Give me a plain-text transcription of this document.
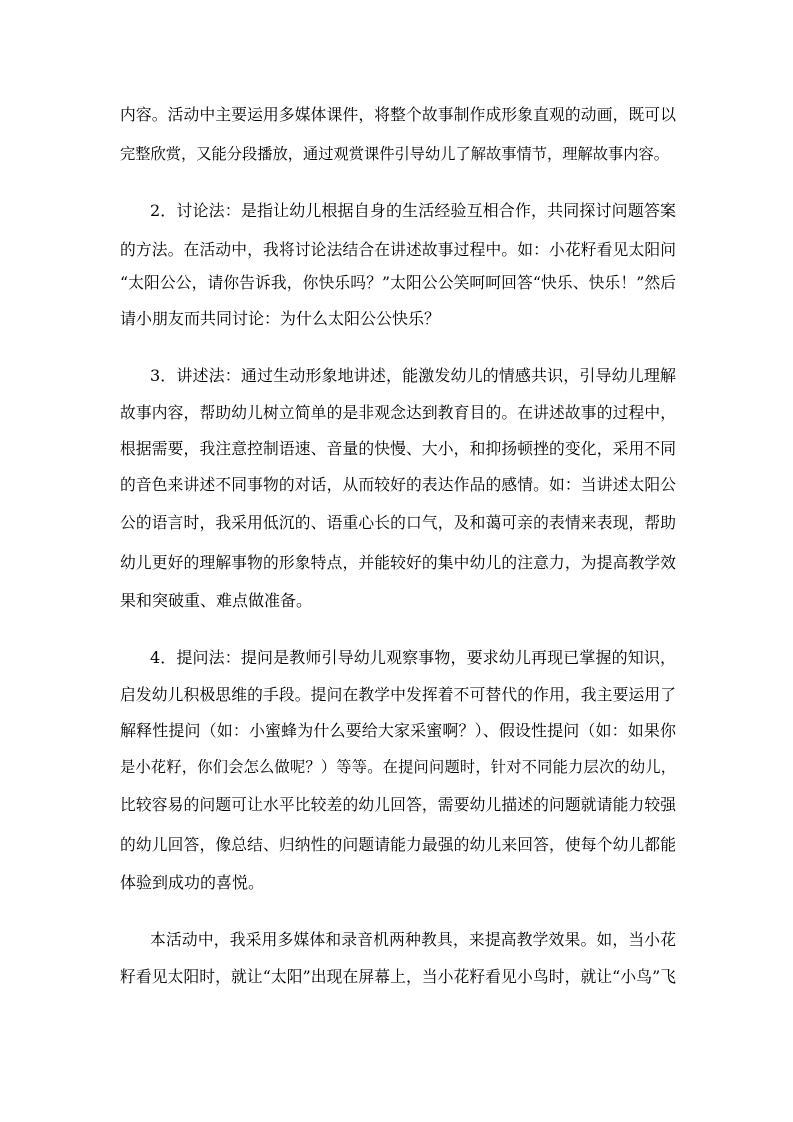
内容。活动中主要运用多媒体课件，将整个故事制作成形象直观的动画，既可以
完整欣赏，又能分段播放，通过观赏课件引导幼儿了解故事情节，理解故事内容。
2．讨论法：是指让幼儿根据自身的生活经验互相合作，共同探讨问题答案
的方法。在活动中，我将讨论法结合在讲述故事过程中。如：小花籽看见太阳问
“太阳公公，请你告诉我，你快乐吗？”太阳公公笑呵呵回答“快乐、快乐！”然后
请小朋友而共同讨论：为什么太阳公公快乐？
3．讲述法：通过生动形象地讲述，能激发幼儿的情感共识，引导幼儿理解
故事内容，帮助幼儿树立简单的是非观念达到教育目的。在讲述故事的过程中，
根据需要，我注意控制语速、音量的快慢、大小，和抑扬顿挫的变化，采用不同
的音色来讲述不同事物的对话，从而较好的表达作品的感情。如：当讲述太阳公
公的语言时，我采用低沉的、语重心长的口气，及和蔼可亲的表情来表现，帮助
幼儿更好的理解事物的形象特点，并能较好的集中幼儿的注意力，为提高教学效
果和突破重、难点做准备。
4．提问法：提问是教师引导幼儿观察事物，要求幼儿再现已掌握的知识，
启发幼儿积极思维的手段。提问在教学中发挥着不可替代的作用，我主要运用了
解释性提问（如：小蜜蜂为什么要给大家采蜜啊？）、假设性提问（如：如果你
是小花籽，你们会怎么做呢？）等等。在提问问题时，针对不同能力层次的幼儿，
比较容易的问题可让水平比较差的幼儿回答，需要幼儿描述的问题就请能力较强
的幼儿回答，像总结、归纳性的问题请能力最强的幼儿来回答，使每个幼儿都能
体验到成功的喜悦。
本活动中，我采用多媒体和录音机两种教具，来提高教学效果。如，当小花
籽看见太阳时，就让“太阳”出现在屏幕上，当小花籽看见小鸟时，就让“小鸟”飞
